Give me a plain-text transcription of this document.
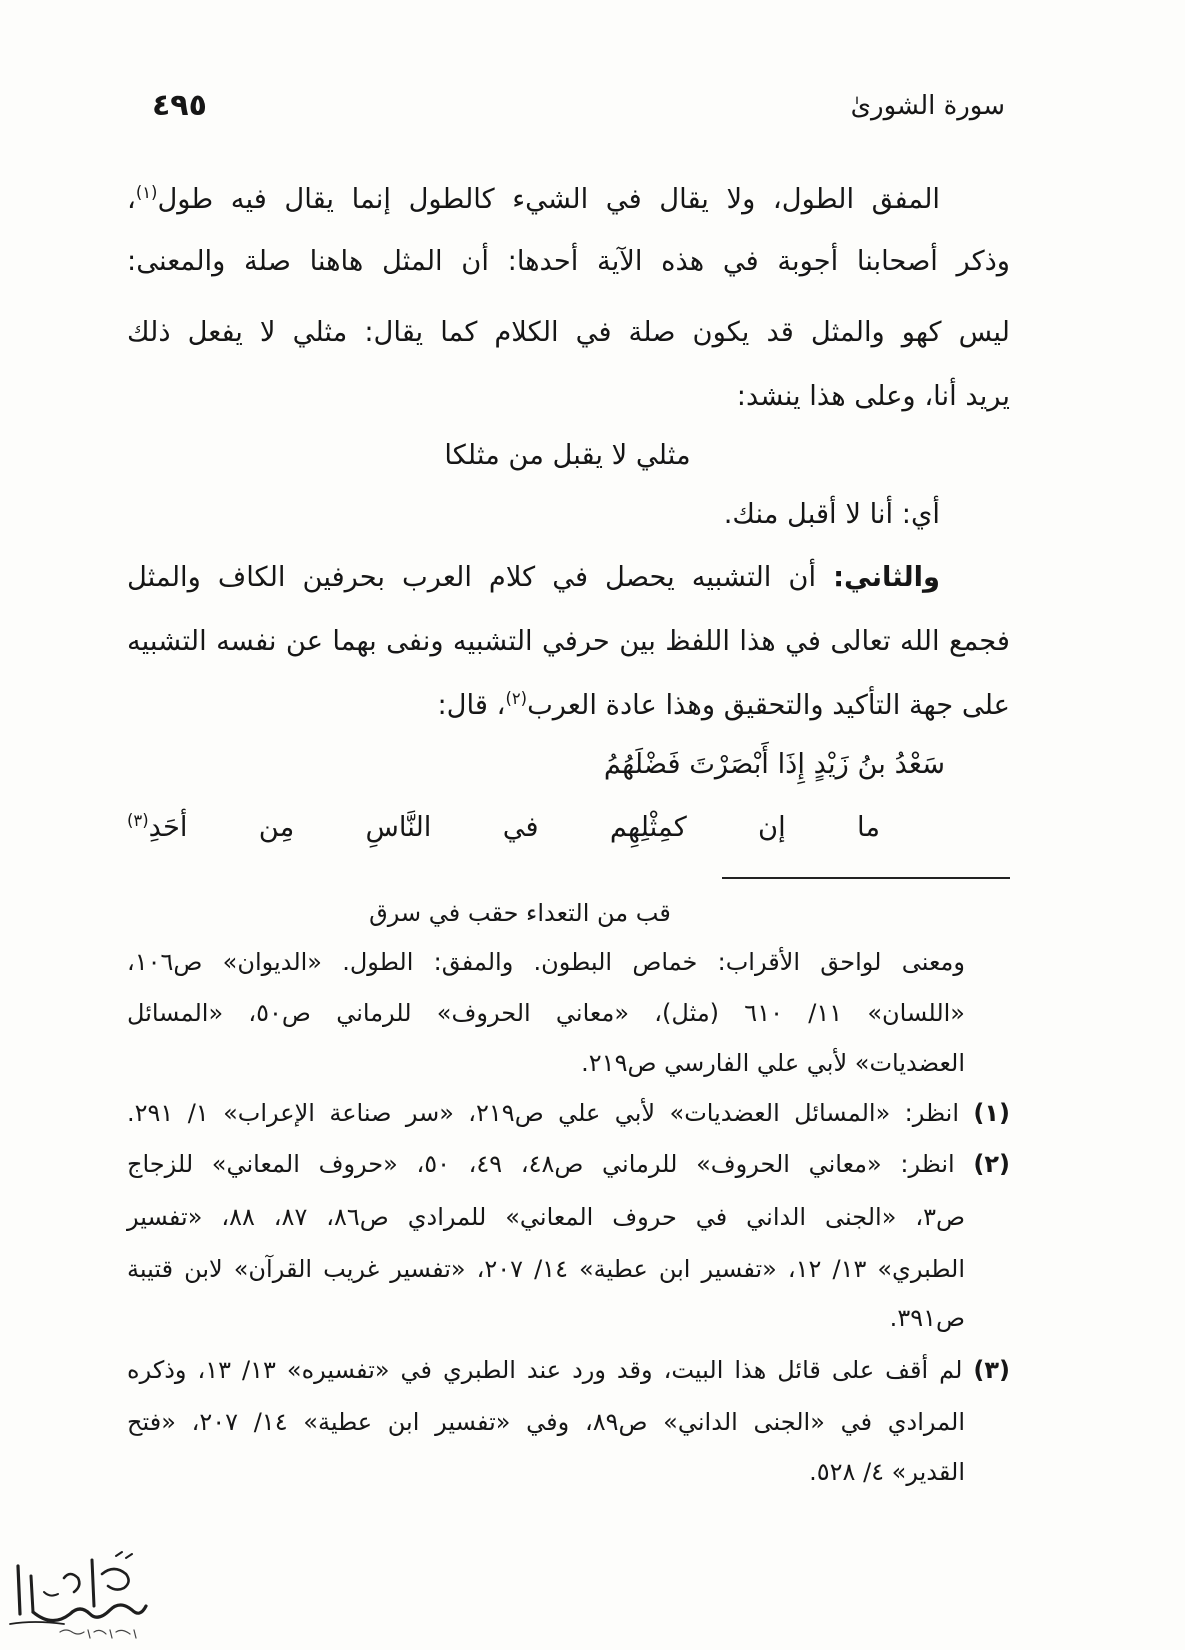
سورة الشورىٰ
٤٩٥
المفق الطول، ولا يقال في الشيء كالطول إنما يقال فيه طول$^{(١)}$،
وذكر أصحابنا أجوبة في هذه الآية أحدها: أن المثل هاهنا صلة والمعنى:
ليس كهو والمثل قد يكون صلة في الكلام كما يقال: مثلي لا يفعل ذلك
يريد أنا، وعلى هذا ينشد:
مثلي لا يقبل من مثلكا
أي: أنا لا أقبل منك.
والثاني: أن التشبيه يحصل في كلام العرب بحرفين الكاف والمثل
فجمع الله تعالى في هذا اللفظ بين حرفي التشبيه ونفى بهما عن نفسه التشبيه
على جهة التأكيد والتحقيق وهذا عادة العرب$^{(٢)}$، قال:
سَعْدُ بنُ زَيْدٍ إِذَا أَبْصَرْتَ فَضْلَهُمُ
ما إن كمِثْلِهِم في النَّاسِ مِن أحَدِ$^{(٣)}$
قب من التعداء حقب في سرق
ومعنى لواحق الأقراب: خماص البطون. والمفق: الطول. «الديوان» ص١٠٦،
«اللسان» ١١/ ٦١٠ (مثل)، «معاني الحروف» للرماني ص٥٠، «المسائل
العضديات» لأبي علي الفارسي ص٢١٩.
(١) انظر: «المسائل العضديات» لأبي علي ص٢١٩، «سر صناعة الإعراب» ١/ ٢٩١.
(٢) انظر: «معاني الحروف» للرماني ص٤٨، ٤٩، ٥٠، «حروف المعاني» للزجاج
ص٣، «الجنى الداني في حروف المعاني» للمرادي ص٨٦، ٨٧، ٨٨، «تفسير
الطبري» ١٣/ ١٢، «تفسير ابن عطية» ١٤/ ٢٠٧، «تفسير غريب القرآن» لابن قتيبة
ص٣٩١.
(٣) لم أقف على قائل هذا البيت، وقد ورد عند الطبري في «تفسيره» ١٣/ ١٣، وذكره
المرادي في «الجنى الداني» ص٨٩، وفي «تفسير ابن عطية» ١٤/ ٢٠٧، «فتح
القدير» ٤/ ٥٢٨.
